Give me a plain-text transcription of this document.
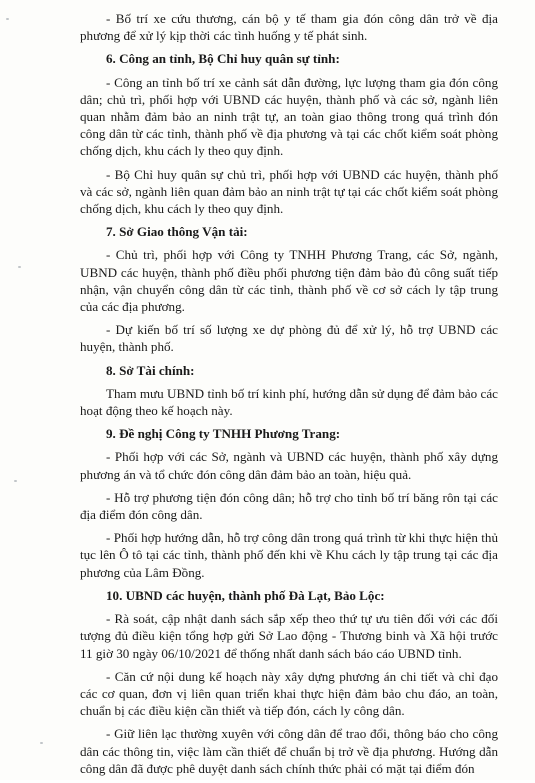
- Bố trí xe cứu thương, cán bộ y tế tham gia đón công dân trở về địa phương để xử lý kịp thời các tình huống y tế phát sinh.

6. Công an tỉnh, Bộ Chỉ huy quân sự tỉnh:

- Công an tỉnh bố trí xe cảnh sát dẫn đường, lực lượng tham gia đón công dân; chủ trì, phối hợp với UBND các huyện, thành phố và các sở, ngành liên quan nhằm đảm bảo an ninh trật tự, an toàn giao thông trong quá trình đón công dân từ các tỉnh, thành phố về địa phương và tại các chốt kiểm soát phòng chống dịch, khu cách ly theo quy định.

- Bộ Chỉ huy quân sự chủ trì, phối hợp với UBND các huyện, thành phố và các sở, ngành liên quan đảm bảo an ninh trật tự tại các chốt kiểm soát phòng chống dịch, khu cách ly theo quy định.

7. Sở Giao thông Vận tải:

- Chủ trì, phối hợp với Công ty TNHH Phương Trang, các Sở, ngành, UBND các huyện, thành phố điều phối phương tiện đảm bảo đủ công suất tiếp nhận, vận chuyển công dân từ các tỉnh, thành phố về cơ sở cách ly tập trung của các địa phương.

- Dự kiến bố trí số lượng xe dự phòng đủ để xử lý, hỗ trợ UBND các huyện, thành phố.

8. Sở Tài chính:

Tham mưu UBND tỉnh bố trí kinh phí, hướng dẫn sử dụng để đảm bảo các hoạt động theo kế hoạch này.

9. Đề nghị Công ty TNHH Phương Trang:

- Phối hợp với các Sở, ngành và UBND các huyện, thành phố xây dựng phương án và tổ chức đón công dân đảm bảo an toàn, hiệu quả.

- Hỗ trợ phương tiện đón công dân; hỗ trợ cho tỉnh bố trí băng rôn tại các địa điểm đón công dân.

- Phối hợp hướng dẫn, hỗ trợ công dân trong quá trình từ khi thực hiện thủ tục lên Ô tô tại các tỉnh, thành phố đến khi về Khu cách ly tập trung tại các địa phương của Lâm Đồng.

10. UBND các huyện, thành phố Đà Lạt, Bảo Lộc:

- Rà soát, cập nhật danh sách sắp xếp theo thứ tự ưu tiên đối với các đối tượng đủ điều kiện tổng hợp gửi Sở Lao động - Thương binh và Xã hội trước 11 giờ 30 ngày 06/10/2021 để thống nhất danh sách báo cáo UBND tỉnh.

- Căn cứ nội dung kế hoạch này xây dựng phương án chi tiết và chỉ đạo các cơ quan, đơn vị liên quan triển khai thực hiện đảm bảo chu đáo, an toàn, chuẩn bị các điều kiện cần thiết và tiếp đón, cách ly công dân.

- Giữ liên lạc thường xuyên với công dân để trao đổi, thông báo cho công dân các thông tin, việc làm cần thiết để chuẩn bị trở về địa phương. Hướng dẫn công dân đã được phê duyệt danh sách chính thức phải có mặt tại điểm đón
